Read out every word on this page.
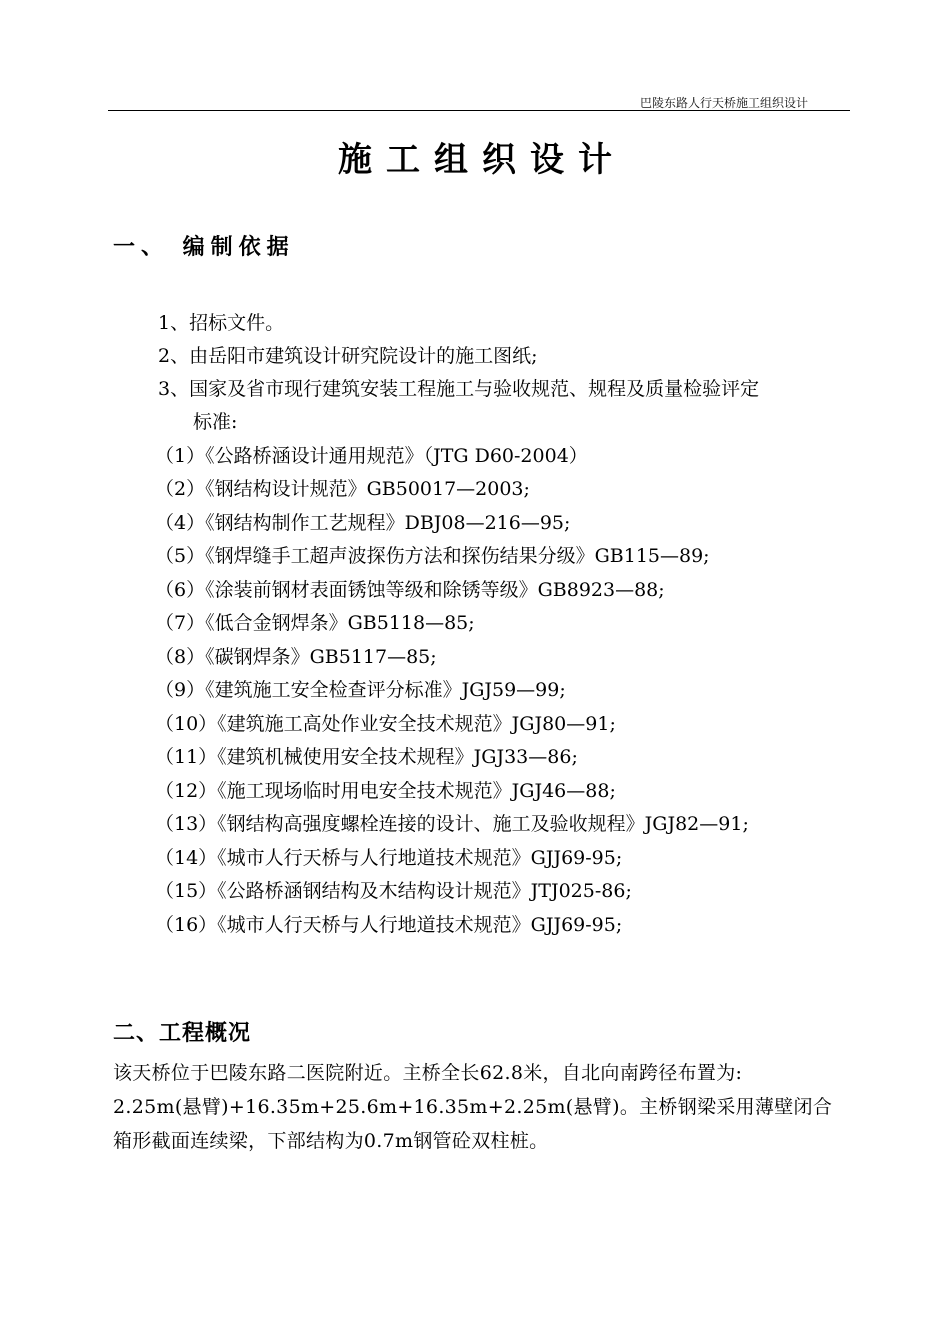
巴陵东路人行天桥施工组织设计
施工组织设计
一、 编制依据
1、招标文件。
2、由岳阳市建筑设计研究院设计的施工图纸;
3、国家及省市现行建筑安装工程施工与验收规范、规程及质量检验评定
标准:
（1）《公路桥涵设计通用规范》（JTG D60-2004）
（2）《钢结构设计规范》GB50017—2003;
（4）《钢结构制作工艺规程》DBJ08—216—95;
（5）《钢焊缝手工超声波探伤方法和探伤结果分级》GB115—89;
（6）《涂装前钢材表面锈蚀等级和除锈等级》GB8923—88;
（7）《低合金钢焊条》GB5118—85;
（8）《碳钢焊条》GB5117—85;
（9）《建筑施工安全检查评分标准》JGJ59—99;
（10）《建筑施工高处作业安全技术规范》JGJ80—91;
（11）《建筑机械使用安全技术规程》JGJ33—86;
（12）《施工现场临时用电安全技术规范》JGJ46—88;
（13）《钢结构高强度螺栓连接的设计、施工及验收规程》JGJ82—91;
（14）《城市人行天桥与人行地道技术规范》GJJ69-95;
（15）《公路桥涵钢结构及木结构设计规范》JTJ025-86;
（16）《城市人行天桥与人行地道技术规范》GJJ69-95;
二、工程概况
该天桥位于巴陵东路二医院附近。主桥全长62.8米，自北向南跨径布置为:
2.25m(悬臂)+16.35m+25.6m+16.35m+2.25m(悬臂)。主桥钢梁采用薄壁闭合
箱形截面连续梁，下部结构为0.7m钢管砼双柱桩。
